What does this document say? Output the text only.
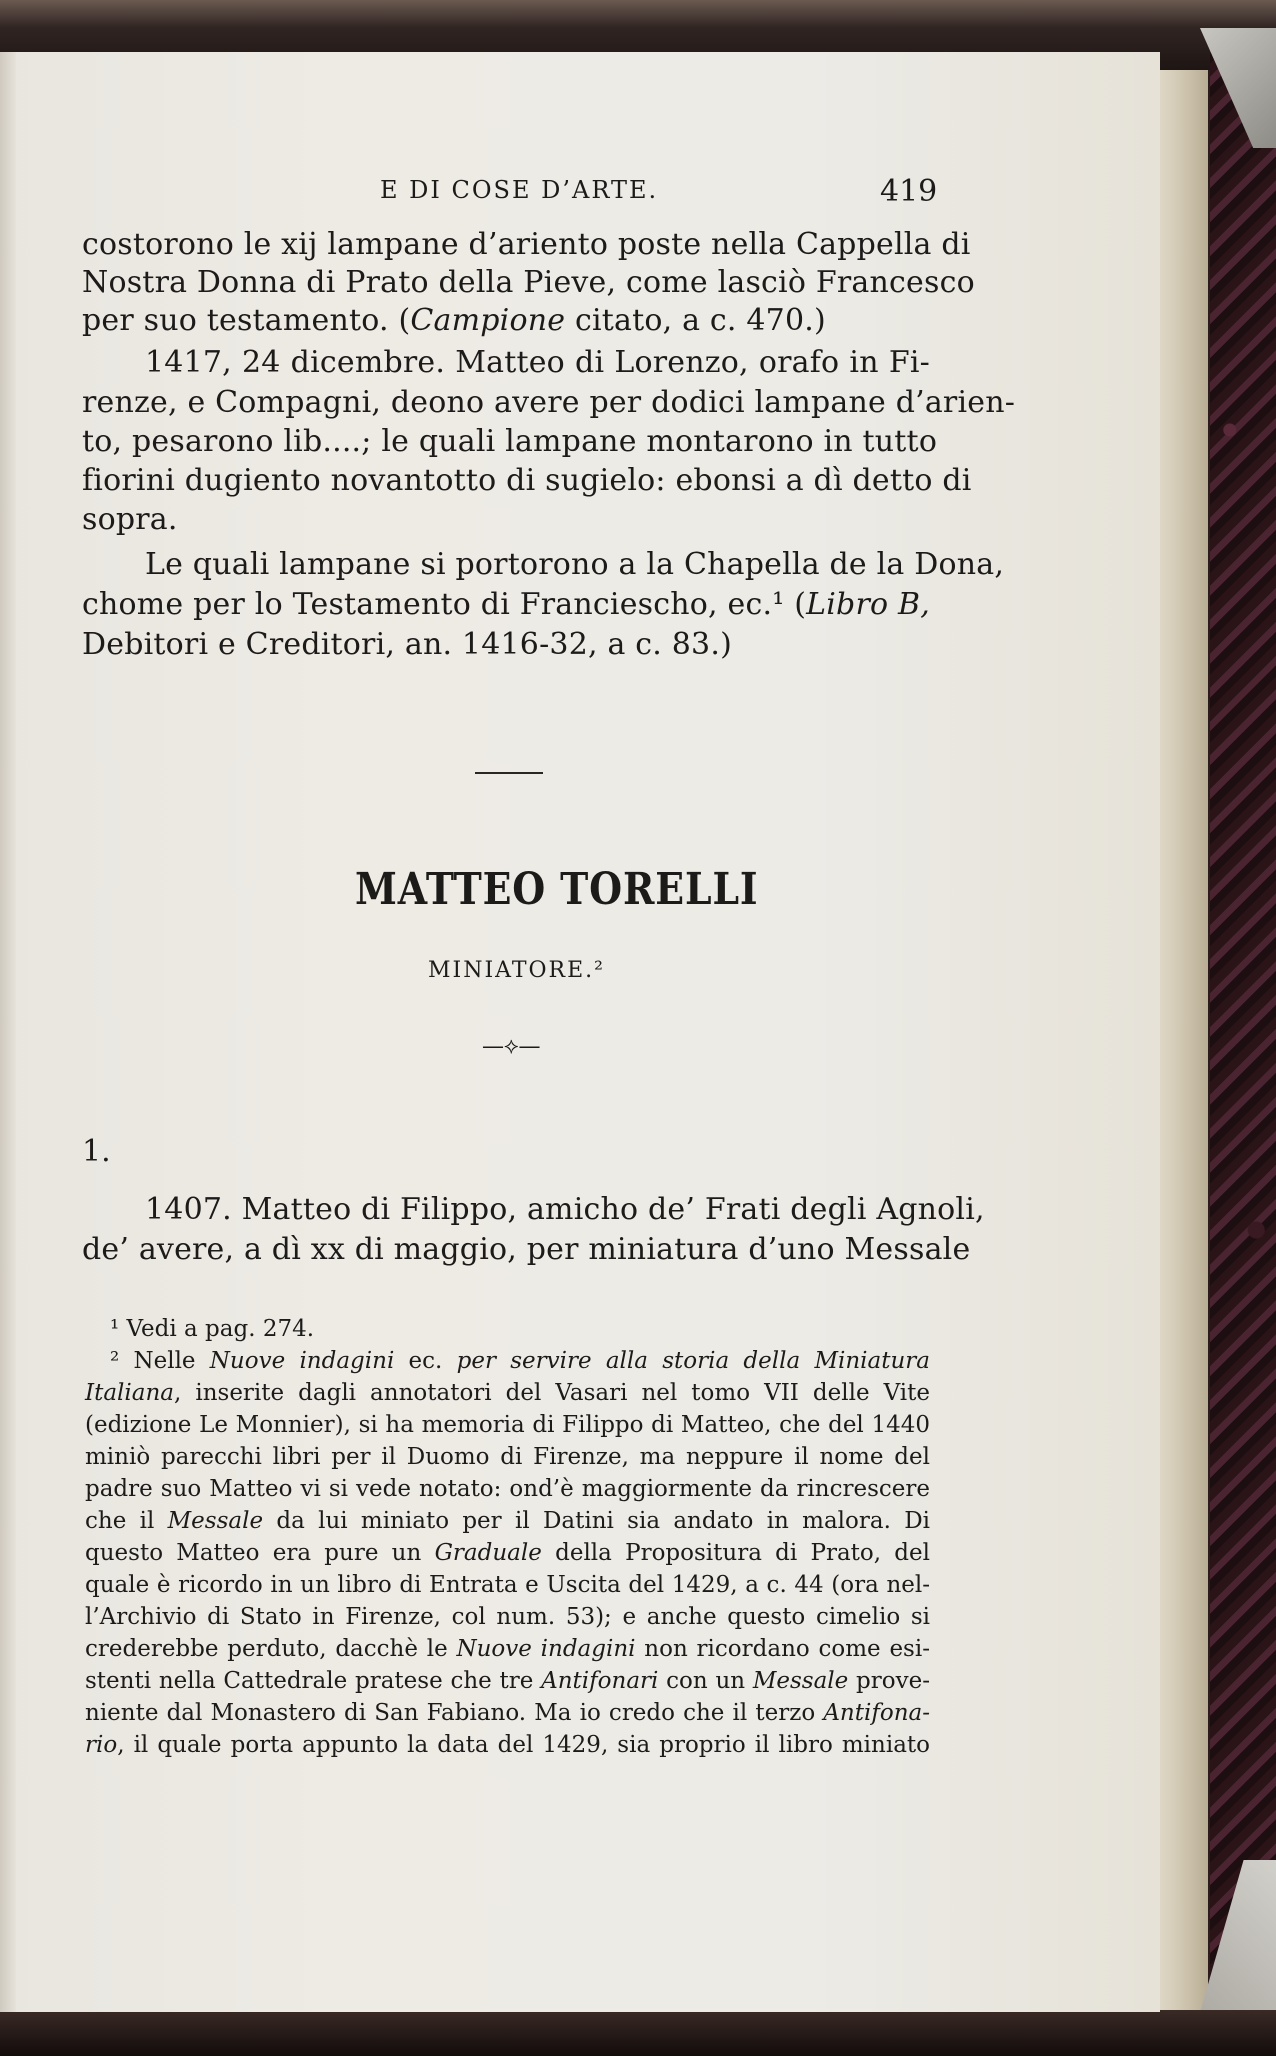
E DI COSE D’ARTE.	419
costorono le xij lampane d’ariento poste nella Cappella di
Nostra Donna di Prato della Pieve, come lasciò Francesco
per suo testamento. (Campione citato, a c. 470.)
1417, 24 dicembre. Matteo di Lorenzo, orafo in Fi-
renze, e Compagni, deono avere per dodici lampane d’arien-
to, pesarono lib....; le quali lampane montarono in tutto
fiorini dugiento novantotto di sugielo: ebonsi a dì detto di
sopra.
Le quali lampane si portorono a la Chapella de la Dona,
chome per lo Testamento di Franciescho, ec.¹ (Libro B,
Debitori e Creditori, an. 1416-32, a c. 83.)
MATTEO TORELLI
MINIATORE.²
—⟡—
1.
1407. Matteo di Filippo, amicho de’ Frati degli Agnoli,
de’ avere, a dì xx di maggio, per miniatura d’uno Messale
¹ Vedi a pag. 274.
² Nelle Nuove indagini ec. per servire alla storia della Miniatura
Italiana, inserite dagli annotatori del Vasari nel tomo VII delle Vite
(edizione Le Monnier), si ha memoria di Filippo di Matteo, che del 1440
miniò parecchi libri per il Duomo di Firenze, ma neppure il nome del
padre suo Matteo vi si vede notato: ond’è maggiormente da rincrescere
che il Messale da lui miniato per il Datini sia andato in malora. Di
questo Matteo era pure un Graduale della Propositura di Prato, del
quale è ricordo in un libro di Entrata e Uscita del 1429, a c. 44 (ora nel-
l’Archivio di Stato in Firenze, col num. 53); e anche questo cimelio si
crederebbe perduto, dacchè le Nuove indagini non ricordano come esi-
stenti nella Cattedrale pratese che tre Antifonari con un Messale prove-
niente dal Monastero di San Fabiano. Ma io credo che il terzo Antifona-
rio, il quale porta appunto la data del 1429, sia proprio il libro miniato
